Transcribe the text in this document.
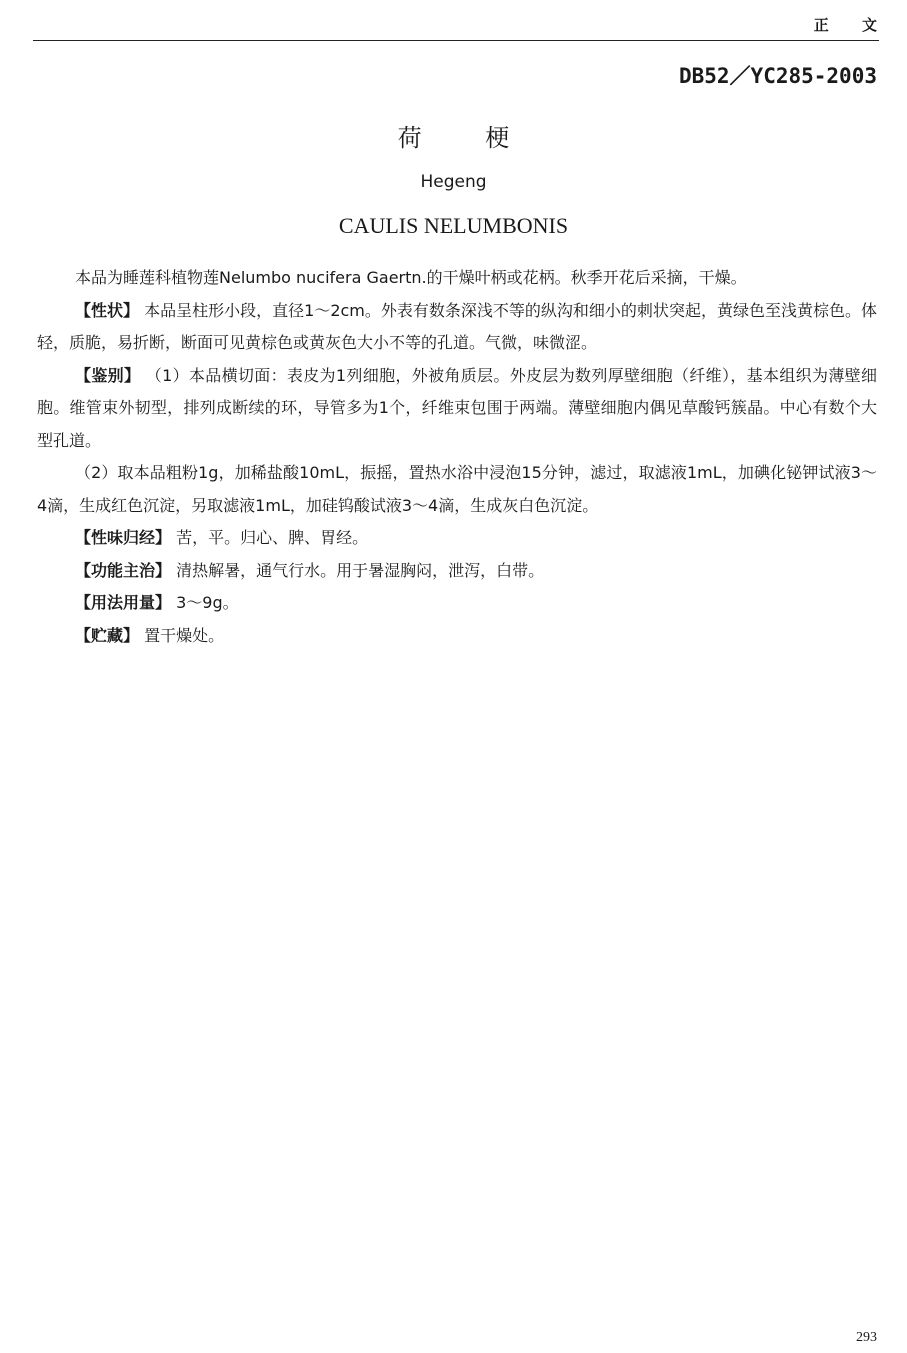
正 文
DB52／YC285-2003
荷 梗
Hegeng
CAULIS NELUMBONIS

本品为睡莲科植物莲Nelumbo nucifera Gaertn.的干燥叶柄或花柄。秋季开花后采摘，干燥。

【性状】 本品呈柱形小段，直径1～2cm。外表有数条深浅不等的纵沟和细小的刺状突起，黄绿色至浅黄棕色。体轻，质脆，易折断，断面可见黄棕色或黄灰色大小不等的孔道。气微，味微涩。

【鉴别】 （1）本品横切面：表皮为1列细胞，外被角质层。外皮层为数列厚壁细胞（纤维），基本组织为薄壁细胞。维管束外韧型，排列成断续的环，导管多为1个，纤维束包围于两端。薄壁细胞内偶见草酸钙簇晶。中心有数个大型孔道。

（2）取本品粗粉1g，加稀盐酸10mL，振摇，置热水浴中浸泡15分钟，滤过，取滤液1mL，加碘化铋钾试液3～4滴，生成红色沉淀，另取滤液1mL，加硅钨酸试液3～4滴，生成灰白色沉淀。

【性味归经】 苦，平。归心、脾、胃经。

【功能主治】 清热解暑，通气行水。用于暑湿胸闷，泄泻，白带。

【用法用量】 3～9g。

【贮藏】 置干燥处。

293
